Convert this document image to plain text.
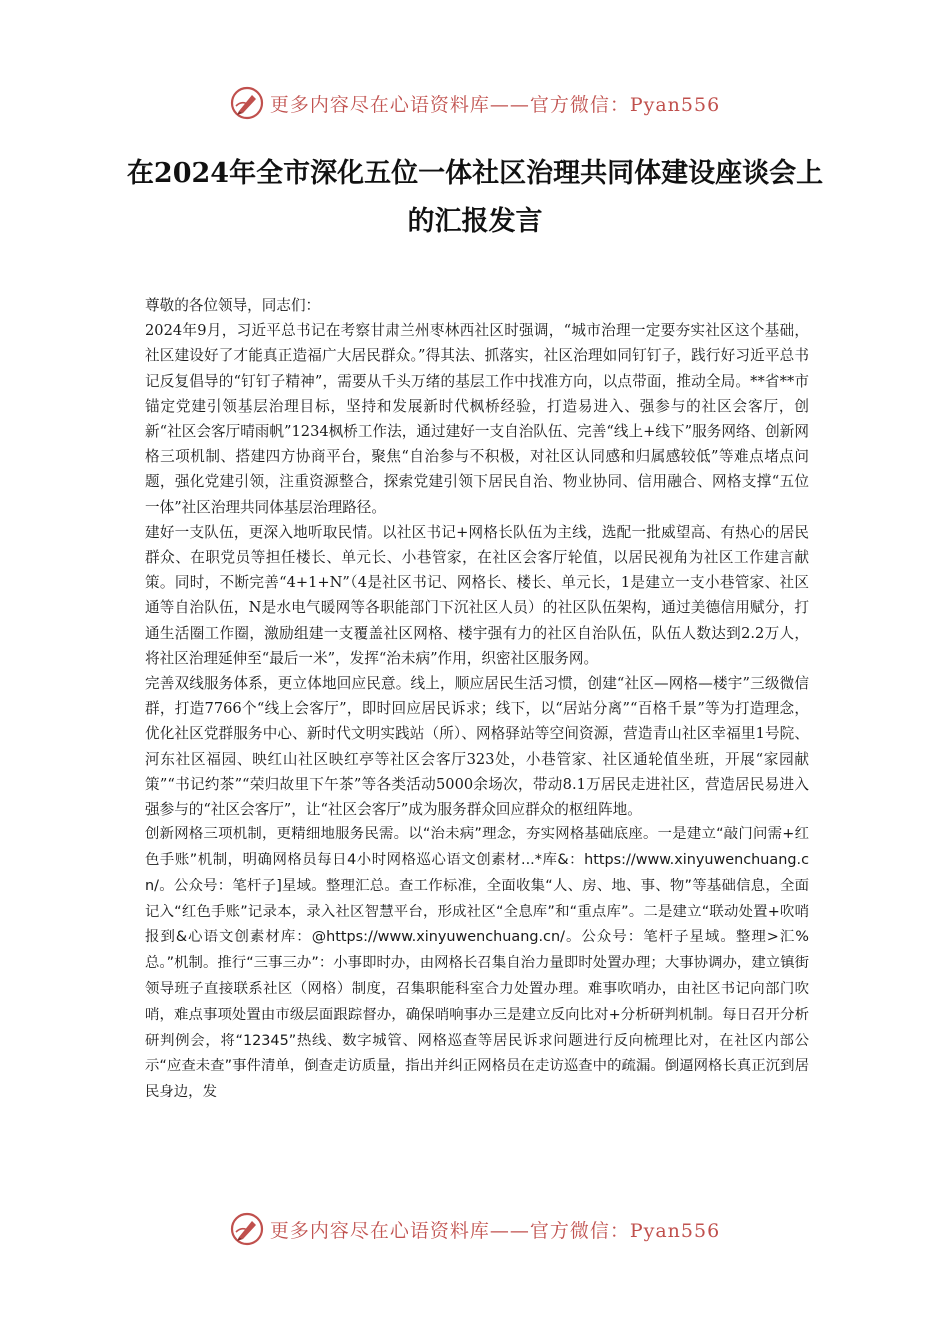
更多内容尽在心语资料库——官方微信：Pyan556
在2024年全市深化五位一体社区治理共同体建设座谈会上的汇报发言

尊敬的各位领导，同志们：

2024年9月，习近平总书记在考察甘肃兰州枣林西社区时强调，“城市治理一定要夯实社区这个基础，社区建设好了才能真正造福广大居民群众。”得其法、抓落实，社区治理如同钉钉子，践行好习近平总书记反复倡导的“钉钉子精神”，需要从千头万绪的基层工作中找准方向，以点带面，推动全局。**省**市锚定党建引领基层治理目标，坚持和发展新时代枫桥经验，打造易进入、强参与的社区会客厅，创新“社区会客厅晴雨帆”1234枫桥工作法，通过建好一支自治队伍、完善“线上+线下”服务网络、创新网格三项机制、搭建四方协商平台，聚焦“自治参与不积极，对社区认同感和归属感较低”等难点堵点问题，强化党建引领，注重资源整合，探索党建引领下居民自治、物业协同、信用融合、网格支撑“五位一体”社区治理共同体基层治理路径。

建好一支队伍，更深入地听取民情。以社区书记+网格长队伍为主线，选配一批威望高、有热心的居民群众、在职党员等担任楼长、单元长、小巷管家，在社区会客厅轮值，以居民视角为社区工作建言献策。同时，不断完善“4+1+N”（4是社区书记、网格长、楼长、单元长，1是建立一支小巷管家、社区通等自治队伍，N是水电气暖网等各职能部门下沉社区人员）的社区队伍架构，通过美德信用赋分，打通生活圈工作圈，激励组建一支覆盖社区网格、楼宇强有力的社区自治队伍，队伍人数达到2.2万人，将社区治理延伸至“最后一米”，发挥“治未病”作用，织密社区服务网。

完善双线服务体系，更立体地回应民意。线上，顺应居民生活习惯，创建“社区—网格—楼宇”三级微信群，打造7766个“线上会客厅”，即时回应居民诉求；线下，以“居站分离”“百格千景”等为打造理念，优化社区党群服务中心、新时代文明实践站（所）、网格驿站等空间资源，营造青山社区幸福里1号院、河东社区福园、映红山社区映红亭等社区会客厅323处，小巷管家、社区通轮值坐班，开展“家园献策”“书记约茶”“荣归故里下午茶”等各类活动5000余场次，带动8.1万居民走进社区，营造居民易进入强参与的“社区会客厅”，让“社区会客厅”成为服务群众回应群众的枢纽阵地。

创新网格三项机制，更精细地服务民需。以“治未病”理念，夯实网格基础底座。一是建立“敲门问需+红色手账”机制，明确网格员每日4小时网格巡心语文创素材...*库&：https://www.xinyuwenchuang.cn/。公众号：笔杆子]星域。整理汇总。查工作标准，全面收集“人、房、地、事、物”等基础信息，全面记入“红色手账”记录本，录入社区智慧平台，形成社区“全息库”和“重点库”。二是建立“联动处置+吹哨报到&心语文创素材库：@https://www.xinyuwenchuang.cn/。公众号：笔杆子星域。整理>汇%总。”机制。推行“三事三办”：小事即时办，由网格长召集自治力量即时处置办理；大事协调办，建立镇街领导班子直接联系社区（网格）制度，召集职能科室合力处置办理。难事吹哨办，由社区书记向部门吹哨，难点事项处置由市级层面跟踪督办，确保哨响事办三是建立反向比对+分析研判机制。每日召开分析研判例会，将“12345”热线、数字城管、网格巡查等居民诉求问题进行反向梳理比对，在社区内部公示“应查未查”事件清单，倒查走访质量，指出并纠正网格员在走访巡查中的疏漏。倒逼网格长真正沉到居民身边，发

更多内容尽在心语资料库——官方微信：Pyan556
